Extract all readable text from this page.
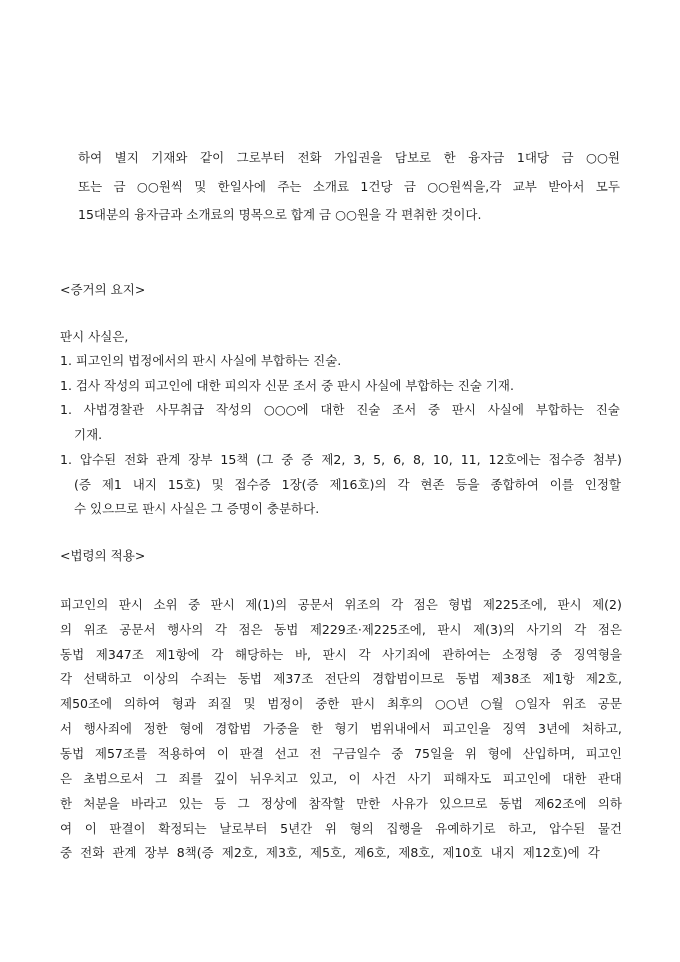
하여 별지 기재와 같이 그로부터 전화 가입권을 담보로 한 융자금 1대당 금 ○○원
또는 금 ○○원씩 및 한일사에 주는 소개료 1건당 금 ○○원씩을,각 교부 받아서 모두
15대분의 융자금과 소개료의 명목으로 합계 금 ○○원을 각 편취한 것이다.
<증거의 요지>
판시 사실은,
1. 피고인의 법정에서의 판시 사실에 부합하는 진술.
1. 검사 작성의 피고인에 대한 피의자 신문 조서 중 판시 사실에 부합하는 진술 기재.
1. 사법경찰관 사무취급 작성의 ○○○에 대한 진술 조서 중 판시 사실에 부합하는 진술
기재.
1. 압수된 전화 관계 장부 15책 (그 중 증 제2, 3, 5, 6, 8, 10, 11, 12호에는 접수증 첨부)
(증 제1 내지 15호) 및 접수증 1장(증 제16호)의 각 현존 등을 종합하여 이를 인정할
수 있으므로 판시 사실은 그 증명이 충분하다.
<법령의 적용>
피고인의 판시 소위 중 판시 제(1)의 공문서 위조의 각 점은 형법 제225조에, 판시 제(2)
의 위조 공문서 행사의 각 점은 동법 제229조·제225조에, 판시 제(3)의 사기의 각 점은
동법 제347조 제1항에 각 해당하는 바, 판시 각 사기죄에 관하여는 소정형 중 징역형을
각 선택하고 이상의 수죄는 동법 제37조 전단의 경합범이므로 동법 제38조 제1항 제2호,
제50조에 의하여 형과 죄질 및 범정이 중한 판시 최후의 ○○년 ○월 ○일자 위조 공문
서 행사죄에 정한 형에 경합범 가중을 한 형기 범위내에서 피고인을 징역 3년에 처하고,
동법 제57조를 적용하여 이 판결 선고 전 구금일수 중 75일을 위 형에 산입하며, 피고인
은 초범으로서 그 죄를 깊이 뉘우치고 있고, 이 사건 사기 피해자도 피고인에 대한 관대
한 처분을 바라고 있는 등 그 정상에 참작할 만한 사유가 있으므로 동법 제62조에 의하
여 이 판결이 확정되는 날로부터 5년간 위 형의 집행을 유예하기로 하고, 압수된 물건
중 전화 관계 장부 8책(증 제2호, 제3호, 제5호, 제6호, 제8호, 제10호 내지 제12호)에 각
